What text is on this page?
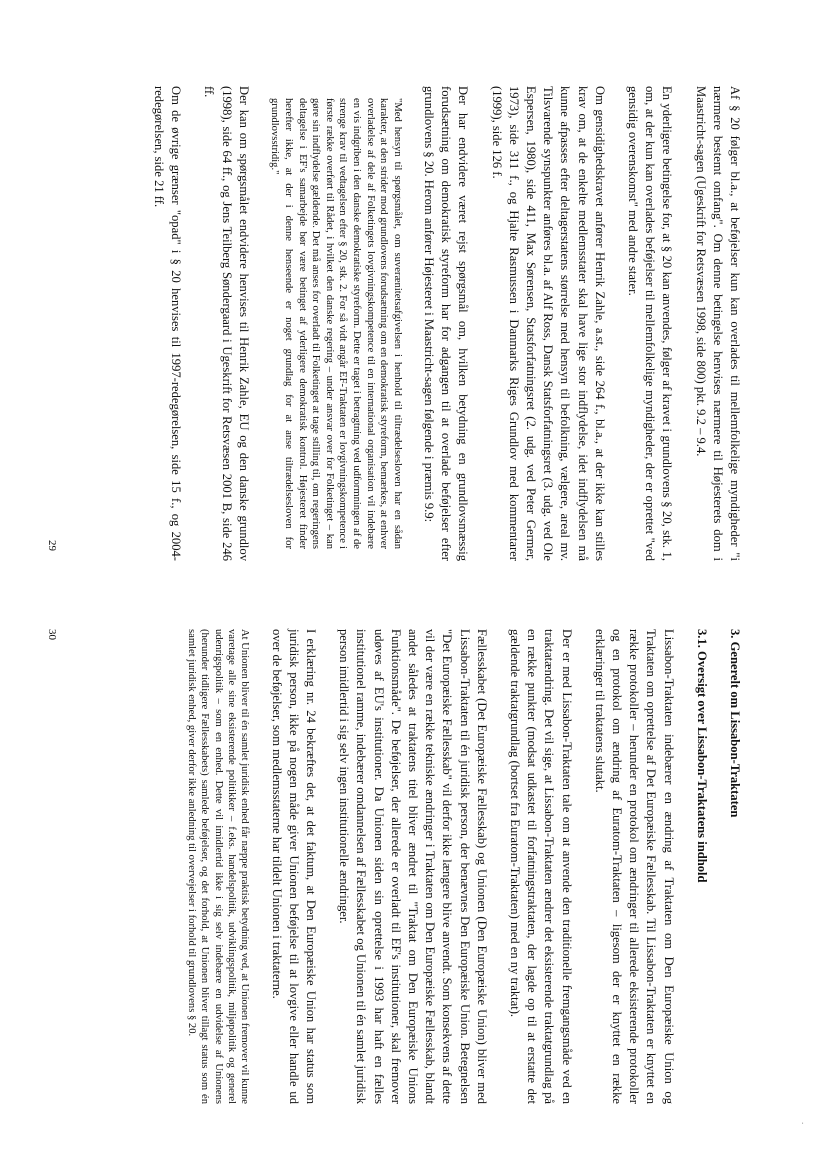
Af § 20 følger bl.a., at beføjelser kun kan overlades til mellemfolkelige myndigheder "i nærmere bestemt omfang". Om denne betingelse henvises nærmere til Højesterets dom i Maastricht-sagen (Ugeskrift for Retsvæsen 1998, side 800) pkt. 9.2 – 9.4.

En yderligere betingelse for, at § 20 kan anvendes, følger af kravet i grundlovens § 20, stk. 1, om, at der kun kan overlades beføjelser til mellemfolkelige myndigheder, der er oprettet "ved gensidig overenskomst" med andre stater.

Om gensidighedskravet anfører Henrik Zahle, a.st., side 264 f., bl.a., at der ikke kan stilles krav om, at de enkelte medlemsstater skal have lige stor indflydelse, idet indflydelsen må kunne afpasses efter deltagerstatens størrelse med hensyn til befolkning, vælgere, areal mv. Tilsvarende synspunkter anføres bl.a. af Alf Ross, Dansk Statsforfatningsret (3. udg. ved Ole Espersen, 1980), side 411, Max Sørensen, Statsforfatningsret (2. udg. ved Peter Germer, 1973), side 311 f., og Hjalte Rasmussen i Danmarks Riges Grundlov med kommentarer (1999), side 126 f.

Der har endvidere været rejst spørgsmål om, hvilken betydning en grundlovsmæssig forudsætning om demokratisk styreform har for adgangen til at overlade beføjelser efter grundlovens § 20. Herom anfører Højesteret i Maastricht-sagen følgende i præmis 9.9:

"Med hensyn til spørgsmålet, om suverænitetsafgivelsen i henhold til tiltrædelsesloven har en sådan karakter, at den strider mod grundlovens forudsætning om en demokratisk styreform, bemærkes, at enhver overladelse af dele af Folketingets lovgivningskompetence til en international organisation vil indebære en vis indgriben i den danske demokratiske styreform. Dette er taget i betragtning ved udformningen af de strenge krav til vedtagelsen efter § 20, stk. 2. For så vidt angår EF-Traktaten er lovgivningskompetence i første række overført til Rådet, i hvilket den danske regering – under ansvar over for Folketinget – kan gøre sin indflydelse gældende. Det må anses for overladt til Folketinget at tage stilling til, om regeringens deltagelse i EF's samarbejde bør være betinget af yderligere demokratisk kontrol. Højesteret finder herefter ikke, at der i denne henseende er noget grundlag for at anse tiltrædelsesloven for grundlovsstridig."

Der kan om spørgsmålet endvidere henvises til Henrik Zahle, EU og den danske grundlov (1998), side 64 ff., og Jens Teilberg Søndergaard i Ugeskrift for Retsvæsen 2001 B, side 246 ff.

Om de øvrige grænser "opad" i § 20 henvises til 1997-redegørelsen, side 15 f., og 2004-redegørelsen, side 21 ff.

29

3. Generelt om Lissabon-Traktaten

3.1. Oversigt over Lissabon-Traktatens indhold

Lissabon-Traktaten indebærer en ændring af Traktaten om Den Europæiske Union og Traktaten om oprettelse af Det Europæiske Fællesskab. Til Lissabon-Traktaten er knyttet en række protokoller – herunder en protokol om ændringer til allerede eksisterende protokoller og en protokol om ændring af Euratom-Traktaten – ligesom der er knyttet en række erklæringer til traktatens slutakt.

Der er med Lissabon-Traktaten tale om at anvende den traditionelle fremgangsmåde ved en traktatændring. Det vil sige, at Lissabon-Traktaten ændrer det eksisterende traktatgrundlag på en række punkter (modsat udkastet til forfatningstraktaten, der lagde op til at erstatte det gældende traktatgrundlag (bortset fra Euratom-Traktaten) med en ny traktat).

Fællesskabet (Det Europæiske Fællesskab) og Unionen (Den Europæiske Union) bliver med Lissabon-Traktaten til én juridisk person, der benævnes Den Europæiske Union. Betegnelsen "Det Europæiske Fællesskab" vil derfor ikke længere blive anvendt. Som konsekvens af dette vil der være en række tekniske ændringer i Traktaten om Den Europæiske Fællesskab, blandt andet således at traktatens titel bliver ændret til "Traktat om Den Europæiske Unions Funktionsmåde". De beføjelser, der allerede er overladt til EF's institutioner, skal fremover udøves af EU's institutioner. Da Unionen siden sin oprettelse i 1993 har haft en fælles institutionel ramme, indebærer omdannelsen af Fællesskabet og Unionen til én samlet juridisk person imidlertid i sig selv ingen institutionelle ændringer.

I erklæring nr. 24 bekræftes det, at det faktum, at Den Europæiske Union har status som juridisk person, ikke på nogen måde giver Unionen beføjelse til at lovgive eller handle ud over de beføjelser, som medlemsstaterne har tildelt Unionen i traktaterne.

At Unionen bliver til én samlet juridisk enhed får næppe praktisk betydning ved, at Unionen fremover vil kunne varetage alle sine eksisterende politikker – f.eks. handelspolitik, udviklingspolitik, miljøpolitik og generel udenrigspolitik – som en enhed. Dette vil imidlertid ikke i sig selv indebære en udvidelse af Unionens (herunder tidligere Fællesskabets) samlede beføjelser, og det forhold, at Unionen bliver tillagt status som én samlet juridisk enhed, giver derfor ikke anledning til overvejelser i forhold til grundlovens § 20.

30
.
